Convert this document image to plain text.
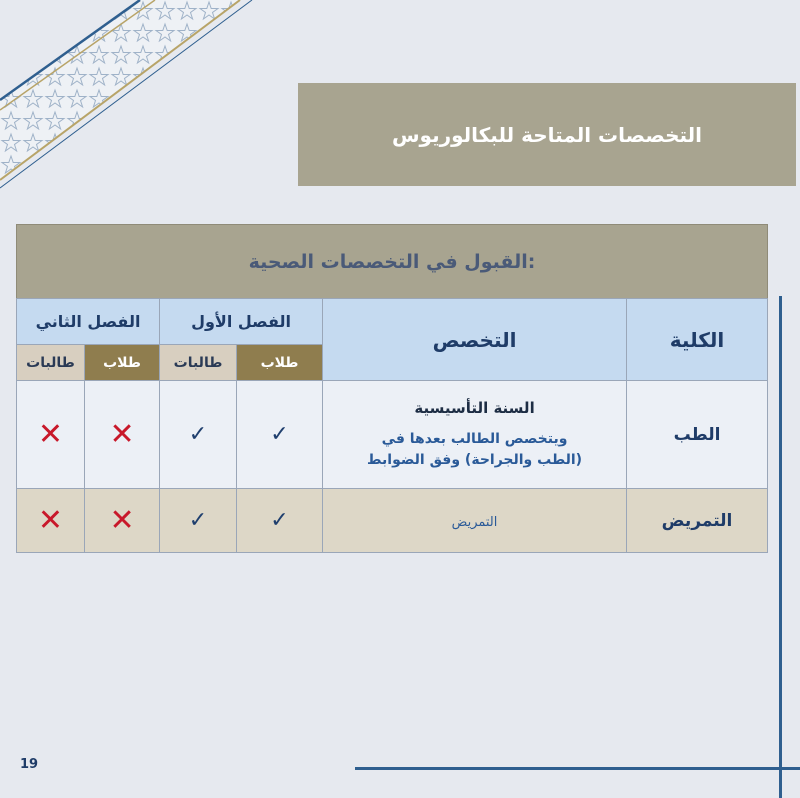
التخصصات المتاحة للبكالوريوس
القبول في التخصصات الصحية:
الفصل الثاني		الفصل الأول		التخصص	الكلية
طالبات	طلاب	طالبات	طلاب		
✕	✕	✓	✓	السنة التأسيسية
ويتخصص الطالب بعدها في
(الطب والجراحة) وفق الضوابط	الطب
✕	✕	✓	✓	التمريض	التمريض
19
